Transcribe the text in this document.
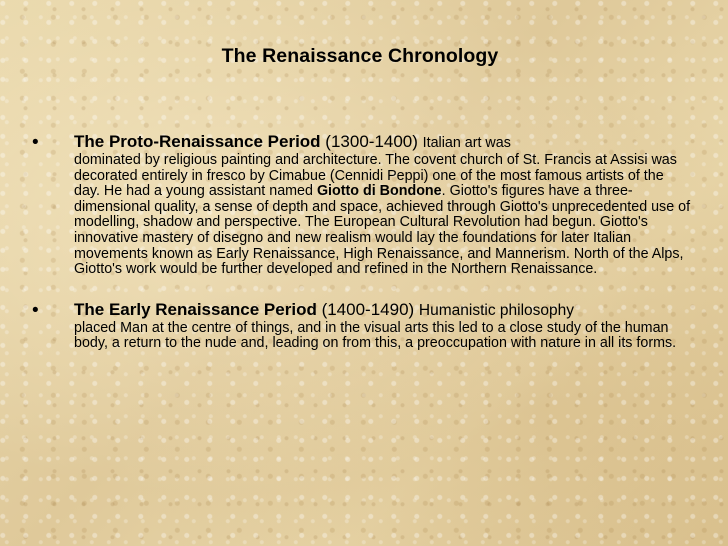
The Renaissance Chronology
• The Proto-Renaissance Period (1300-1400) Italian art was
dominated by religious painting and architecture. The covent church of St. Francis at Assisi was decorated entirely in fresco by Cimabue (Cennidi Peppi) one of the most famous artists of the day. He had a young assistant named Giotto di Bondone. Giotto's figures have a three-dimensional quality, a sense of depth and space, achieved through Giotto's unprecedented use of modelling, shadow and perspective. The European Cultural Revolution had begun. Giotto's innovative mastery of disegno and new realism would lay the foundations for later Italian movements known as Early Renaissance, High Renaissance, and Mannerism. North of the Alps, Giotto's work would be further developed and refined in the Northern Renaissance.
• The Early Renaissance Period (1400-1490) Humanistic philosophy
placed Man at the centre of things, and in the visual arts this led to a close study of the human body, a return to the nude and, leading on from this, a preoccupation with nature in all its forms.
